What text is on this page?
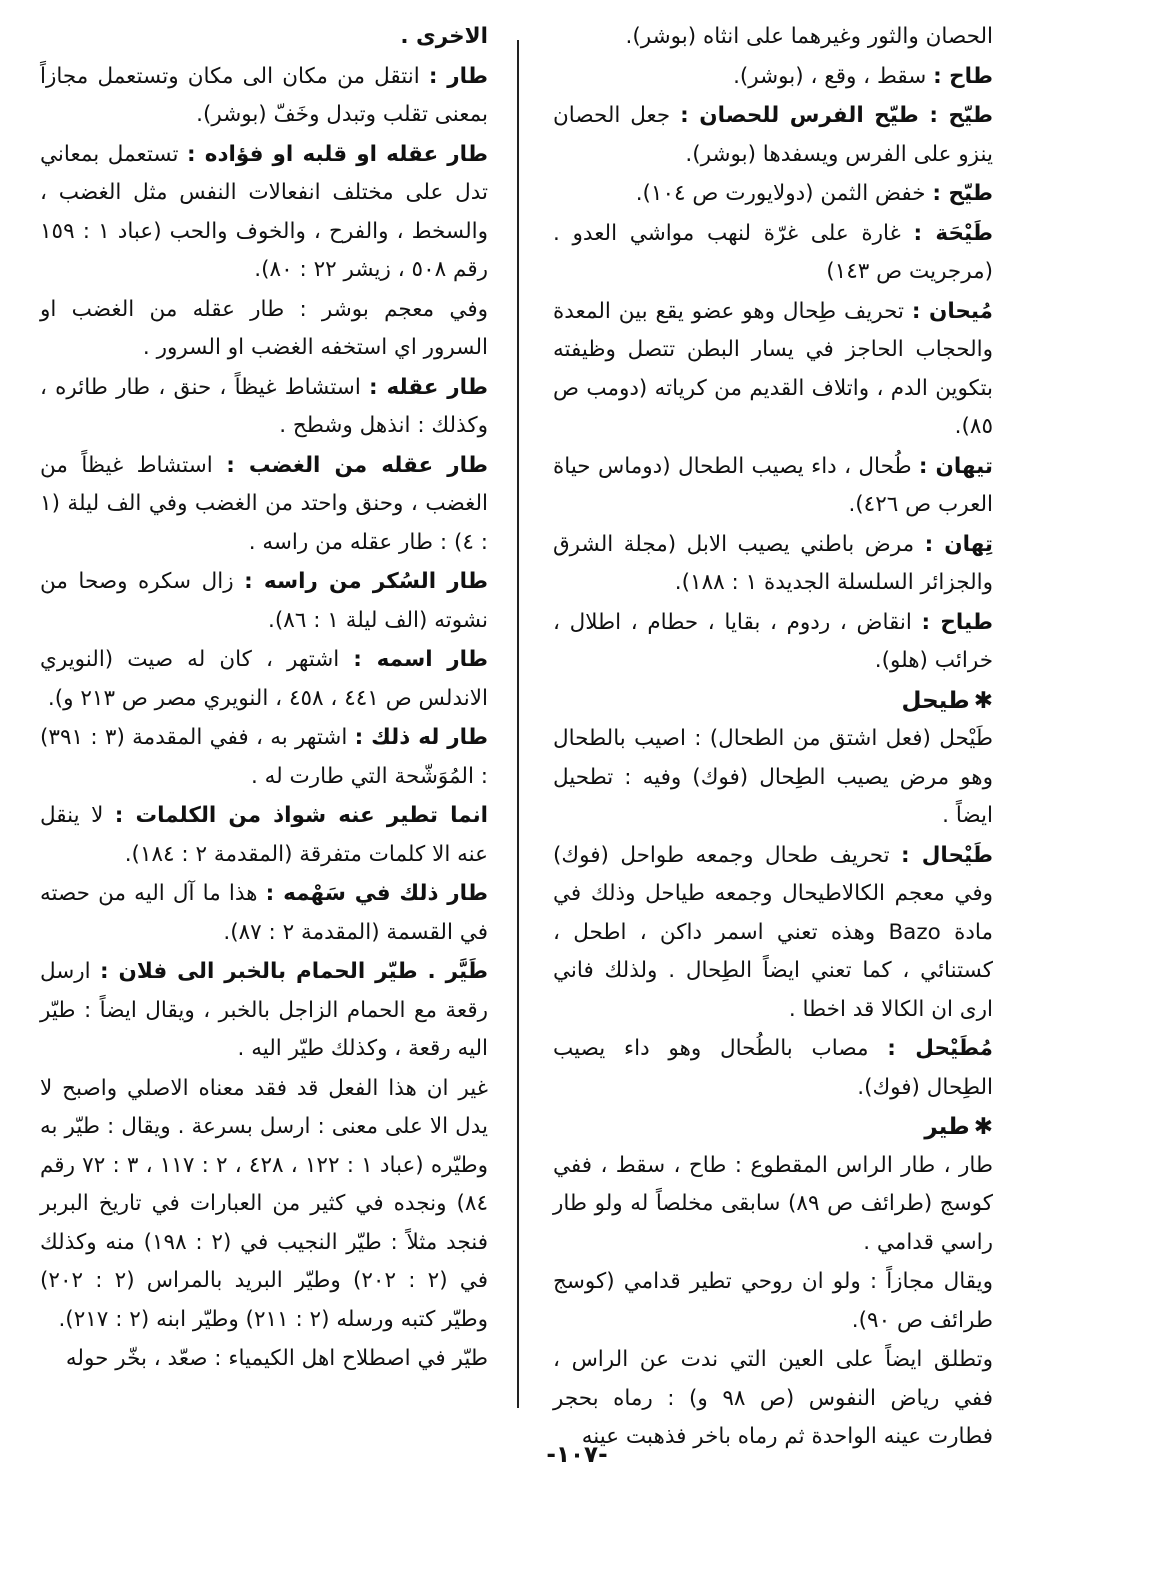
الحصان والثور وغيرهما على انثاه (بوشر).

طاح : سقط ، وقع ، (بوشر).

طيّح : طيّح الفرس للحصان : جعل الحصان ينزو على الفرس ويسفدها (بوشر).

طيّح : خفض الثمن (دولايورت ص ١٠٤).

طَيْحَة : غارة على غرّة لنهب مواشي العدو . (مرجريت ص ١٤٣)

مُيحان : تحريف طِحال وهو عضو يقع بين المعدة والحجاب الحاجز في يسار البطن تتصل وظيفته بتكوين الدم ، واتلاف القديم من كرياته (دومب ص ٨٥).

تيهان : طُحال ، داء يصيب الطحال (دوماس حياة العرب ص ٤٢٦).

تِهان : مرض باطني يصيب الابل (مجلة الشرق والجزائر السلسلة الجديدة ١ : ١٨٨).

طياح : انقاض ، ردوم ، بقايا ، حطام ، اطلال ، خرائب (هلو).

✱طيحل

طَيْحل (فعل اشتق من الطحال) : اصيب بالطحال وهو مرض يصيب الطِحال (فوك) وفيه : تطحيل ايضاً .

طَيْحال : تحريف طحال وجمعه طواحل (فوك) وفي معجم الكالاطيحال وجمعه طياحل وذلك في مادة Bazo وهذه تعني اسمر داكن ، اطحل ، كستنائي ، كما تعني ايضاً الطِحال . ولذلك فاني ارى ان الكالا قد اخطا .

مُطَيْحل : مصاب بالطُحال وهو داء يصيب الطِحال (فوك).

✱طير

طار ، طار الراس المقطوع : طاح ، سقط ، ففي كوسج (طرائف ص ٨٩) سابقى مخلصاً له ولو طار راسي قدامي .

ويقال مجازاً : ولو ان روحي تطير قدامي (كوسج طرائف ص ٩٠).

وتطلق ايضاً على العين التي ندت عن الراس ، ففي رياض النفوس (ص ٩٨ و) : رماه بحجر فطارت عينه الواحدة ثم رماه باخر فذهبت عينه

الاخرى .

طار : انتقل من مكان الى مكان وتستعمل مجازاً بمعنى تقلب وتبدل وخَفّ (بوشر).

طار عقله او قلبه او فؤاده : تستعمل بمعاني تدل على مختلف انفعالات النفس مثل الغضب ، والسخط ، والفرح ، والخوف والحب (عباد ١ : ١٥٩ رقم ٥٠٨ ، زيشر ٢٢ : ٨٠).

وفي معجم بوشر : طار عقله من الغضب او السرور اي استخفه الغضب او السرور .

طار عقله : استشاط غيظاً ، حنق ، طار طائره ، وكذلك : انذهل وشطح .

طار عقله من الغضب : استشاط غيظاً من الغضب ، وحنق واحتد من الغضب وفي الف ليلة (١ : ٤) : طار عقله من راسه .

طار السُكر من راسه : زال سكره وصحا من نشوته (الف ليلة ١ : ٨٦).

طار اسمه : اشتهر ، كان له صيت (النويري الاندلس ص ٤٤١ ، ٤٥٨ ، النويري مصر ص ٢١٣ و).

طار له ذلك : اشتهر به ، ففي المقدمة (٣ : ٣٩١) : المُوَشّحة التي طارت له .

انما تطير عنه شواذ من الكلمات : لا ينقل عنه الا كلمات متفرقة (المقدمة ٢ : ١٨٤).

طار ذلك في سَهْمه : هذا ما آل اليه من حصته في القسمة (المقدمة ٢ : ٨٧).

طَيَّر . طيّر الحمام بالخبر الى فلان : ارسل رقعة مع الحمام الزاجل بالخبر ، ويقال ايضاً : طيّر اليه رقعة ، وكذلك طيّر اليه .

غير ان هذا الفعل قد فقد معناه الاصلي واصبح لا يدل الا على معنى : ارسل بسرعة . ويقال : طيّر به وطيّره (عباد ١ : ١٢٢ ، ٤٢٨ ، ٢ : ١١٧ ، ٣ : ٧٢ رقم ٨٤) ونجده في كثير من العبارات في تاريخ البربر فنجد مثلاً : طيّر النجيب في (٢ : ١٩٨) منه وكذلك في (٢ : ٢٠٢) وطيّر البريد بالمراس (٢ : ٢٠٢) وطيّر كتبه ورسله (٢ : ٢١١) وطيّر ابنه (٢ : ٢١٧).

طيّر في اصطلاح اهل الكيمياء : صعّد ، بخّر حوله

-١٠٧-
